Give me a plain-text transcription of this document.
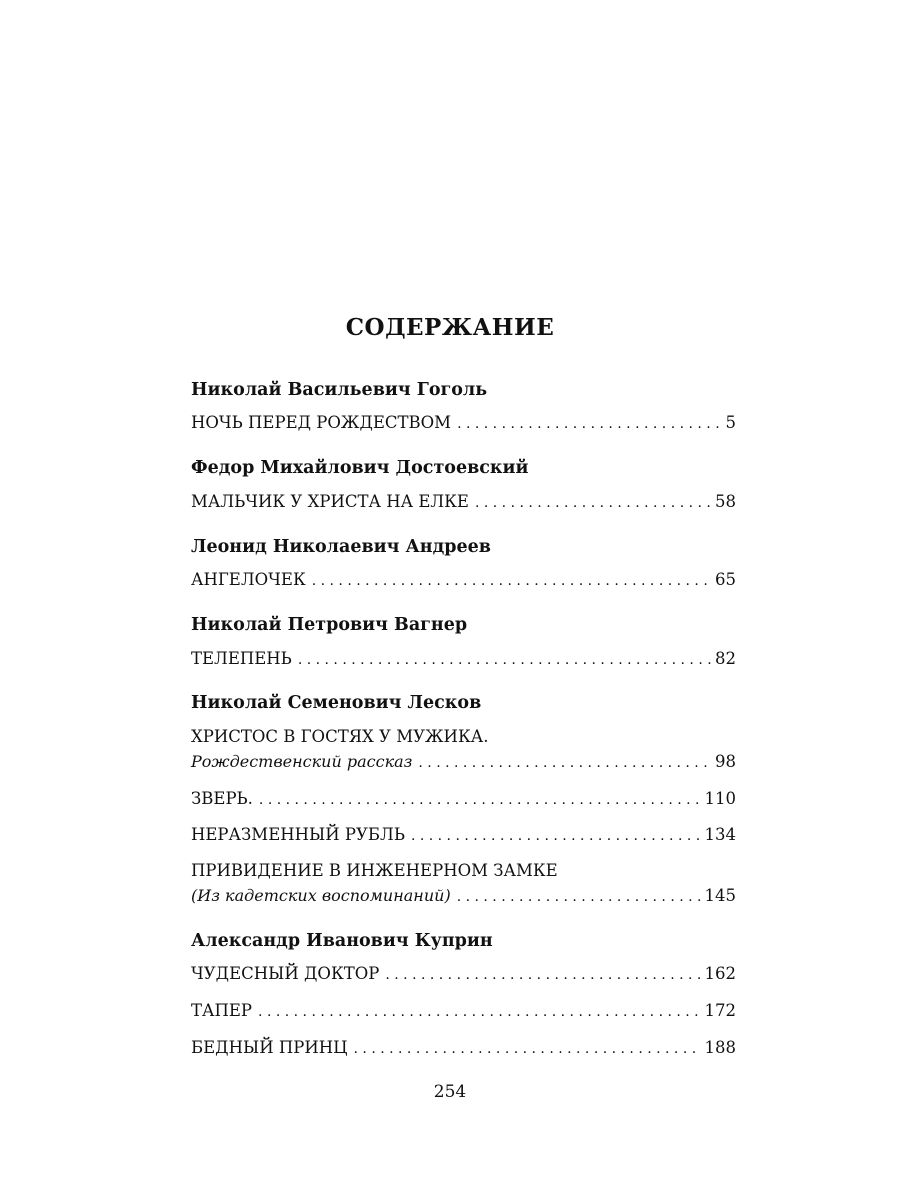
СОДЕРЖАНИЕ
Николай Васильевич Гоголь
НОЧЬ ПЕРЕД РОЖДЕСТВОМ . . .	5
Федор Михайлович Достоевский
МАЛЬЧИК У ХРИСТА НА ЕЛКЕ . . .	58
Леонид Николаевич Андреев
АНГЕЛОЧЕК . . .	65
Николай Петрович Вагнер
ТЕЛЕПЕНЬ . . .	82
Николай Семенович Лесков
ХРИСТОС В ГОСТЯХ У МУЖИКА.
Рождественский рассказ . . .	98
ЗВЕРЬ. . . .	110
НЕРАЗМЕННЫЙ РУБЛЬ . . .	134
ПРИВИДЕНИЕ В ИНЖЕНЕРНОМ ЗАМКЕ
(Из кадетских воспоминаний) . . .	145
Александр Иванович Куприн
ЧУДЕСНЫЙ ДОКТОР . . .	162
ТАПЕР . . .	172
БЕДНЫЙ ПРИНЦ . . .	188
254
